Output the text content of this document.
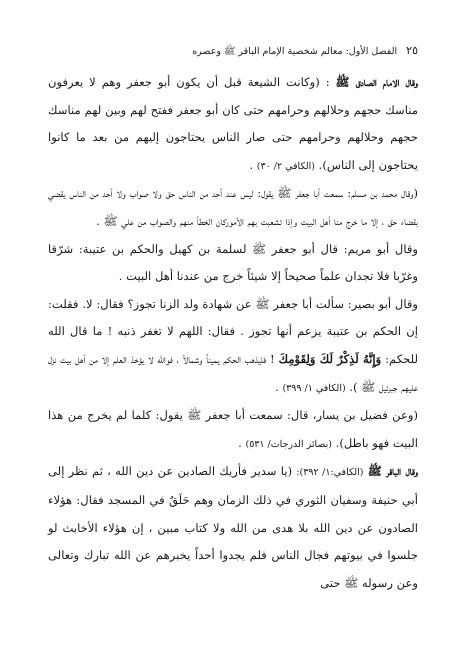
٢٥ الفصل الأول: معالم شخصية الإمام الباقر ﷺ وعصره

وقال الامام الصادق ﷺ : (وكانت الشيعة قبل أن يكون أبو جعفر وهم لا يعرفون مناسك حجهم وحلالهم وحرامهم حتى كان أبو جعفر ففتح لهم وبين لهم مناسك حجهم وحلالهم وحرامهم حتى صار الناس يحتاجون إليهم من بعد ما كانوا يحتاجون إلى الناس). (الكافي ٢/ ٣٠) .

(وقال محمد بن مسلم: سمعت أبا جعفر ﷺ يقول: ليس عند أحد من الناس حق ولا صواب ولا أحد من الناس يقضي بقضاء حق ، إلا ما خرج منا أهل البيت وإذا تشعبت بهم الأموركان الخطأ منهم والصواب من علي ﷺ .

وقال أبو مريم: قال أبو جعفر ﷺ لسلمة بن كهيل والحكم بن عتيبة: شرّقا وغرّبا فلا تجدان علماً صحيحاً إلا شيئاً خرج من عندنا أهل البيت .

وقال أبو بصير: سألت أبا جعفر ﷺ عن شهادة ولد الزنا تجوز؟ فقال: لا. فقلت: إن الحكم بن عتيبة يزعم أنها تجوز . فقال: اللهم لا تغفر ذنبه ! ما قال الله للحكم: وَإِنَّهُ لَذِكْرٌ لَكَ وَلِقَوْمِكَ ! فليذهب الحكم يميناً وشمالاً ، فوالله لا يؤخذ العلم إلا من أهل بيت نزل عليهم جبرئيل ﷺ ). (الكافي ١/ ٣٩٩) .

(وعن فضيل بن يسار، قال: سمعت أبا جعفر ﷺ يقول: كلما لم يخرج من هذا البيت فهو باطل). (بصائر الدرجات/ ٥٣١) .

وقال الباقر ﷺ (الكافي:١/ ٣٩٢): (يا سدير فأريك الصادين عن دين الله ، ثم نظر إلى أبي حنيفة وسفيان الثوري في ذلك الزمان وهم حَلَقٌ في المسجد فقال: هؤلاء الصادون عن دين الله بلا هدى من الله ولا كتاب مبين ، إن هؤلاء الأخابث لو جلسوا في بيوتهم فجال الناس فلم يجدوا أحداً يخبرهم عن الله تبارك وتعالى وعن رسوله ﷺ حتى
